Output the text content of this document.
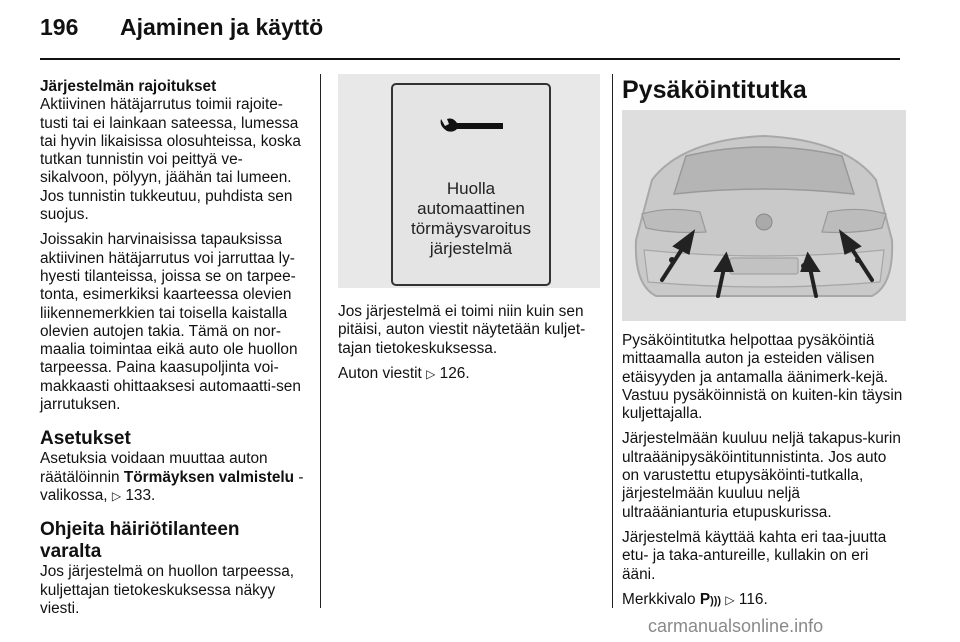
196 Ajaminen ja käyttö
Järjestelmän rajoitukset

Aktiivinen hätäjarrutus toimii rajoite-tusti tai ei lainkaan sateessa, lumessa tai hyvin likaisissa olosuhteissa, koska tutkan tunnistin voi peittyä ve-sikalvoon, pölyyn, jäähän tai lumeen. Jos tunnistin tukkeutuu, puhdista sen suojus.

Joissakin harvinaisissa tapauksissa aktiivinen hätäjarrutus voi jarruttaa ly-hyesti tilanteissa, joissa se on tarpee-tonta, esimerkiksi kaarteessa olevien liikennemerkkien tai toisella kaistalla olevien autojen takia. Tämä on nor-maalia toimintaa eikä auto ole huollon tarpeessa. Paina kaasupoljinta voi-makkaasti ohittaaksesi automaatti-sen jarrutuksen.

Asetukset

Asetuksia voidaan muuttaa auton räätälöinnin Törmäyksen valmistelu - valikossa, ▷ 133.

Ohjeita häiriötilanteen varalta

Jos järjestelmä on huollon tarpeessa, kuljettajan tietokeskuksessa näkyy viesti.

Huolla
automaattinen
törmäysvaroitus
järjestelmä

Jos järjestelmä ei toimi niin kuin sen pitäisi, auton viestit näytetään kuljet-tajan tietokeskuksessa.

Auton viestit ▷ 126.

Pysäköintitutka

Pysäköintitutka helpottaa pysäköintiä mittaamalla auton ja esteiden välisen etäisyyden ja antamalla äänimerk-kejä. Vastuu pysäköinnistä on kuiten-kin täysin kuljettajalla.

Järjestelmään kuuluu neljä takapus-kurin ultraäänipysäköintitunnistinta. Jos auto on varustettu etupysäköinti-tutkalla, järjestelmään kuuluu neljä ultraäänianturia etupuskurissa.

Järjestelmä käyttää kahta eri taa-juutta etu- ja taka-antureille, kullakin on eri ääni.

Merkkivalo P))) ▷ 116.

carmanualsonline.info
